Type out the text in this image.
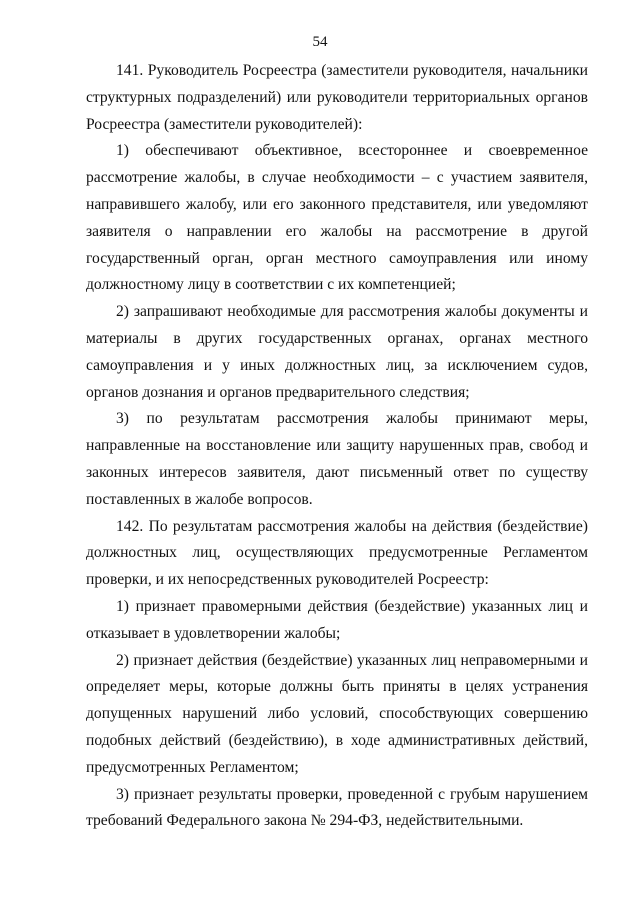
54

141. Руководитель Росреестра (заместители руководителя, начальники структурных подразделений) или руководители территориальных органов Росреестра (заместители руководителей):

1) обеспечивают объективное, всестороннее и своевременное рассмотрение жалобы, в случае необходимости – с участием заявителя, направившего жалобу, или его законного представителя, или уведомляют заявителя о направлении его жалобы на рассмотрение в другой государственный орган, орган местного самоуправления или иному должностному лицу в соответствии с их компетенцией;

2) запрашивают необходимые для рассмотрения жалобы документы и материалы в других государственных органах, органах местного самоуправления и у иных должностных лиц, за исключением судов, органов дознания и органов предварительного следствия;

3) по результатам рассмотрения жалобы принимают меры, направленные на восстановление или защиту нарушенных прав, свобод и законных интересов заявителя, дают письменный ответ по существу поставленных в жалобе вопросов.

142. По результатам рассмотрения жалобы на действия (бездействие) должностных лиц, осуществляющих предусмотренные Регламентом проверки, и их непосредственных руководителей Росреестр:

1) признает правомерными действия (бездействие) указанных лиц и отказывает в удовлетворении жалобы;

2) признает действия (бездействие) указанных лиц неправомерными и определяет меры, которые должны быть приняты в целях устранения допущенных нарушений либо условий, способствующих совершению подобных действий (бездействию), в ходе административных действий, предусмотренных Регламентом;

3) признает результаты проверки, проведенной с грубым нарушением требований Федерального закона № 294-ФЗ, недействительными.
